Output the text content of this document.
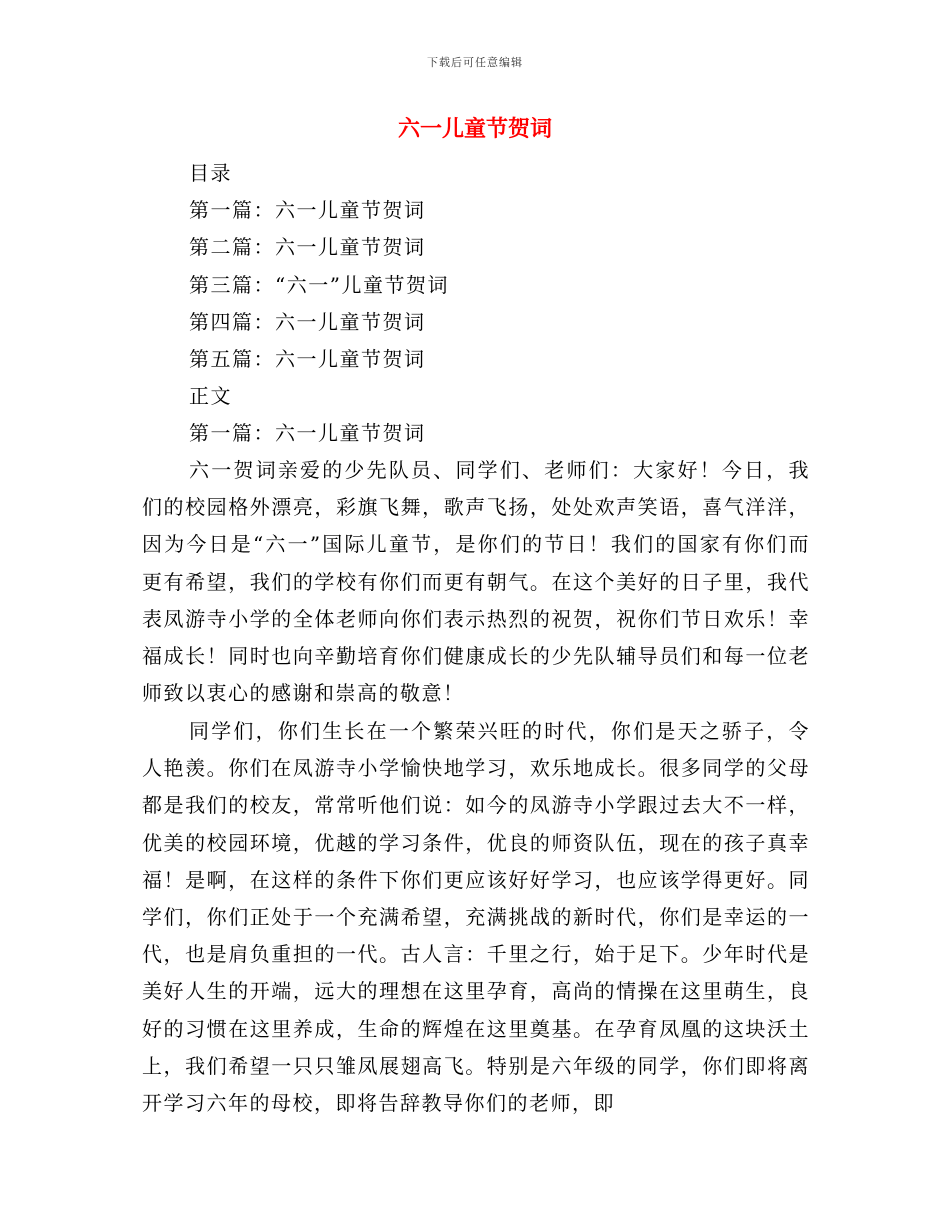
下载后可任意编辑
六一儿童节贺词
目录
第一篇：六一儿童节贺词
第二篇：六一儿童节贺词
第三篇：“六一”儿童节贺词
第四篇：六一儿童节贺词
第五篇：六一儿童节贺词
正文
第一篇：六一儿童节贺词

六一贺词亲爱的少先队员、同学们、老师们：大家好！今日，我们的校园格外漂亮，彩旗飞舞，歌声飞扬，处处欢声笑语，喜气洋洋，因为今日是“六一”国际儿童节，是你们的节日！我们的国家有你们而更有希望，我们的学校有你们而更有朝气。在这个美好的日子里，我代表凤游寺小学的全体老师向你们表示热烈的祝贺，祝你们节日欢乐！幸福成长！同时也向辛勤培育你们健康成长的少先队辅导员们和每一位老师致以衷心的感谢和崇高的敬意！

同学们，你们生长在一个繁荣兴旺的时代，你们是天之骄子，令人艳羡。你们在凤游寺小学愉快地学习，欢乐地成长。很多同学的父母都是我们的校友，常常听他们说：如今的凤游寺小学跟过去大不一样，优美的校园环境，优越的学习条件，优良的师资队伍，现在的孩子真幸福！是啊，在这样的条件下你们更应该好好学习，也应该学得更好。同学们，你们正处于一个充满希望，充满挑战的新时代，你们是幸运的一代，也是肩负重担的一代。古人言：千里之行，始于足下。少年时代是美好人生的开端，远大的理想在这里孕育，高尚的情操在这里萌生，良好的习惯在这里养成，生命的辉煌在这里奠基。在孕育凤凰的这块沃土上，我们希望一只只雏凤展翅高飞。特别是六年级的同学，你们即将离开学习六年的母校，即将告辞教导你们的老师，即
